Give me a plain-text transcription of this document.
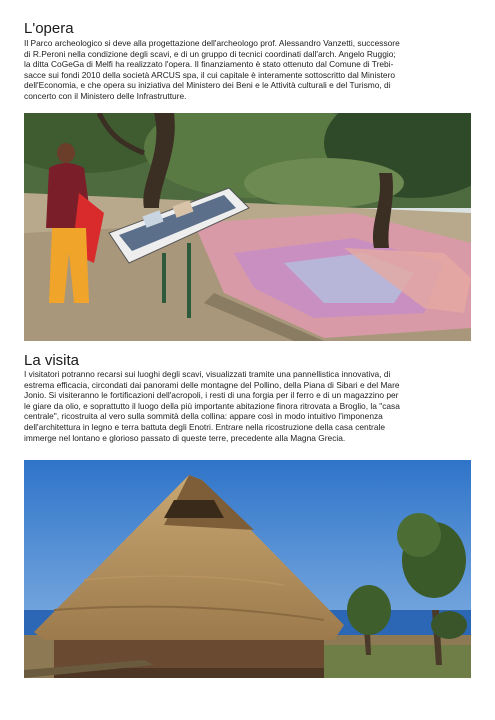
L'opera
Il Parco archeologico si deve alla progettazione dell'archeologo prof. Alessandro Vanzetti, successore
di R.Peroni nella condizione degli scavi, e di un gruppo di tecnici coordinati dall'arch. Angelo Ruggio;
la ditta CoGeGa di Melfi ha realizzato l'opera. Il finanziamento è stato ottenuto dal Comune di Trebi-
sacce sui fondi 2010 della società ARCUS spa, il cui capitale è interamente sottoscritto dal Ministero
dell'Economia, e che opera su iniziativa del Ministero dei Beni e le Attività culturali e del Turismo, di
concerto con il Ministero delle Infrastrutture.
La visita
I visitatori potranno recarsi sui luoghi degli scavi, visualizzati tramite una pannellistica innovativa, di
estrema efficacia, circondati dai panorami delle montagne del Pollino, della Piana di Sibari e del Mare
Jonio. Si visiteranno le fortificazioni dell'acropoli, i resti di una forgia per il ferro e di un magazzino per
le giare da olio, e soprattutto il luogo della più importante abitazione finora ritrovata a Broglio, la "casa
centrale", ricostruita al vero sulla sommità della collina: appare così in modo intuitivo l'imponenza
dell'architettura in legno e terra battuta degli Enotri. Entrare nella ricostruzione della casa centrale
immerge nel lontano e glorioso passato di queste terre, precedente alla Magna Grecia.
